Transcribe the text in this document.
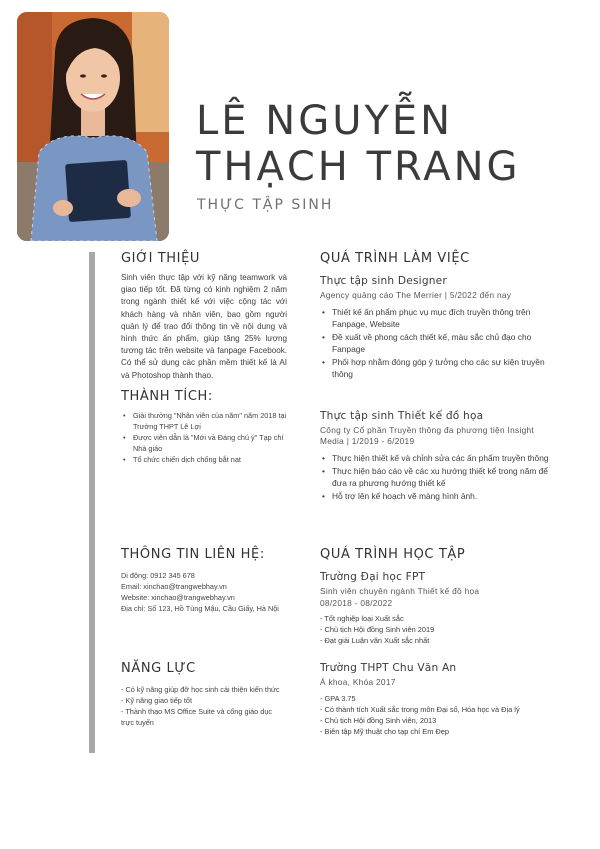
LÊ NGUYỄN
THẠCH TRANG
THỰC TẬP SINH
GIỚI THIỆU

Sinh viên thực tập với kỹ năng teamwork và giao tiếp tốt. Đã từng có kinh nghiệm 2 năm trong ngành thiết kế với việc cộng tác với khách hàng và nhân viên, bao gồm người quản lý để trao đổi thông tin về nội dung và hình thức ấn phẩm, giúp tăng 25% lượng tương tác trên website và fanpage Facebook. Có thể sử dụng các phần mềm thiết kế là AI và Photoshop thành thạo.

THÀNH TÍCH:
• Giải thưởng "Nhân viên của năm" năm 2018 tại Trường THPT Lê Lợi
• Được viên dẫn là "Mới và Đáng chú ý" Tạp chí Nhà giáo
• Tổ chức chiến dịch chống bắt nạt
THÔNG TIN LIÊN HỆ:
Di động: 0912 345 678
Email: xinchao@trangwebhay.vn
Website: xinchao@trangwebhay.vn
Địa chỉ: Số 123, Hồ Tùng Mậu, Cầu Giấy, Hà Nội
NĂNG LỰC
- Có kỹ năng giúp đỡ học sinh cải thiện kiến thức
- Kỹ năng giao tiếp tốt
- Thành thạo MS Office Suite và cổng giáo dục trực tuyến
QUÁ TRÌNH LÀM VIỆC
Thực tập sinh Designer
Agency quảng cáo The Merrier | 5/2022 đến nay
• Thiết kế ấn phẩm phục vụ mục đích truyền thông trên Fanpage, Website
• Đề xuất về phong cách thiết kế, màu sắc chủ đạo cho Fanpage
• Phối hợp nhằm đóng góp ý tưởng cho các sự kiện truyền thông
Thực tập sinh Thiết kế đồ họa
Công ty Cổ phần Truyền thông đa phương tiện Insight Media | 1/2019 - 6/2019
• Thực hiện thiết kế và chỉnh sửa các ấn phẩm truyền thông
• Thực hiện báo cáo về các xu hướng thiết kế trong năm để đưa ra phương hướng thiết kế
• Hỗ trợ lên kế hoạch vẽ màng hình ảnh.
QUÁ TRÌNH HỌC TẬP
Trường Đại học FPT
Sinh viên chuyên ngành Thiết kế đồ họa
08/2018 - 08/2022
- Tốt nghiệp loại Xuất sắc
- Chủ tịch Hội đồng Sinh viên 2019
- Đạt giải Luận văn Xuất sắc nhất
Trường THPT Chu Văn An
Á khoa, Khóa 2017
- GPA 3.75
- Có thành tích Xuất sắc trong môn Đại số, Hóa học và Địa lý
- Chủ tịch Hội đồng Sinh viên, 2013
- Biên tập Mỹ thuật cho tạp chí Em Đẹp
